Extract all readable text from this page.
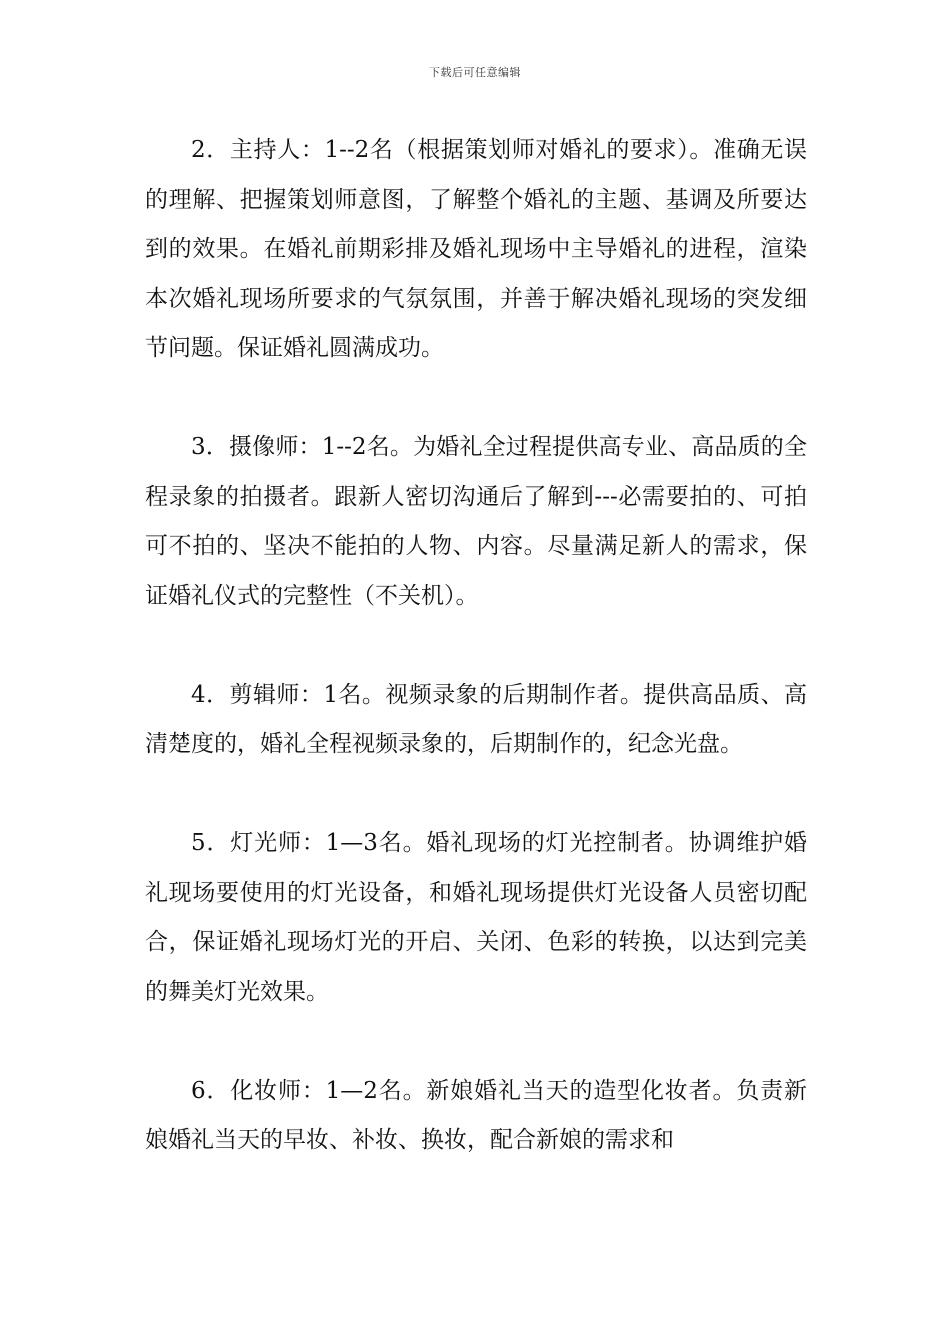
下载后可任意编辑

2．主持人：1--2名（根据策划师对婚礼的要求）。准确无误的理解、把握策划师意图，了解整个婚礼的主题、基调及所要达到的效果。在婚礼前期彩排及婚礼现场中主导婚礼的进程，渲染本次婚礼现场所要求的气氛氛围，并善于解决婚礼现场的突发细节问题。保证婚礼圆满成功。

3．摄像师：1--2名。为婚礼全过程提供高专业、高品质的全程录象的拍摄者。跟新人密切沟通后了解到---必需要拍的、可拍可不拍的、坚决不能拍的人物、内容。尽量满足新人的需求，保证婚礼仪式的完整性（不关机）。

4．剪辑师：1名。视频录象的后期制作者。提供高品质、高清楚度的，婚礼全程视频录象的，后期制作的，纪念光盘。

5．灯光师：1—3名。婚礼现场的灯光控制者。协调维护婚礼现场要使用的灯光设备，和婚礼现场提供灯光设备人员密切配合，保证婚礼现场灯光的开启、关闭、色彩的转换，以达到完美的舞美灯光效果。

6．化妆师：1—2名。新娘婚礼当天的造型化妆者。负责新娘婚礼当天的早妆、补妆、换妆，配合新娘的需求和
